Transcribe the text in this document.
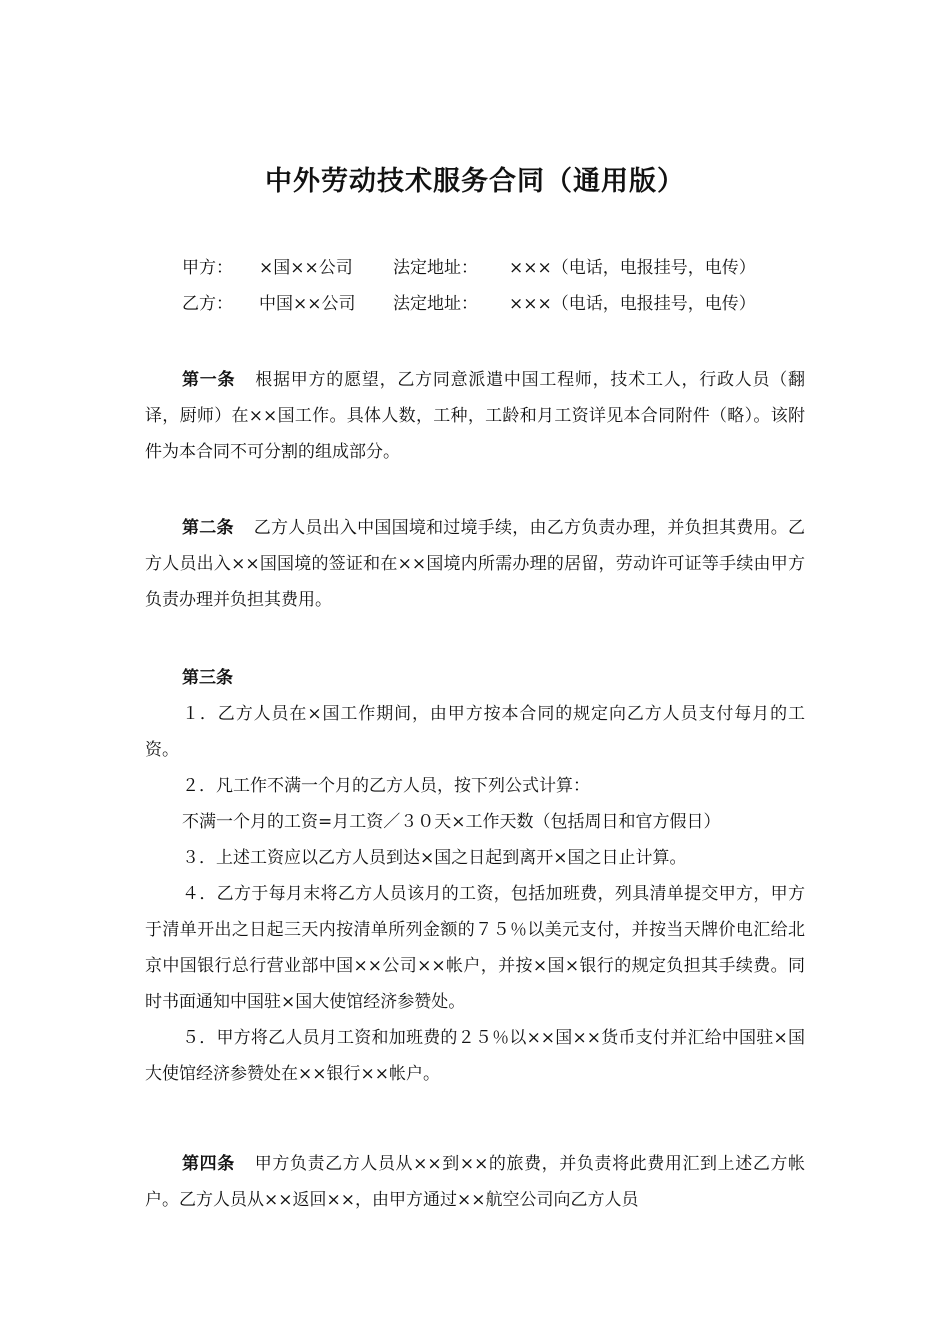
中外劳动技术服务合同（通用版）
甲方：	×国××公司	法定地址：	×××（电话，电报挂号，电传）
乙方：	中国××公司	法定地址：	×××（电话，电报挂号，电传）

第一条 根据甲方的愿望，乙方同意派遣中国工程师，技术工人，行政人员（翻译，厨师）在××国工作。具体人数，工种，工龄和月工资详见本合同附件（略）。该附件为本合同不可分割的组成部分。

第二条 乙方人员出入中国国境和过境手续，由乙方负责办理，并负担其费用。乙方人员出入××国国境的签证和在××国境内所需办理的居留，劳动许可证等手续由甲方负责办理并负担其费用。

第三条

１．乙方人员在×国工作期间，由甲方按本合同的规定向乙方人员支付每月的工资。

２．凡工作不满一个月的乙方人员，按下列公式计算：

不满一个月的工资=月工资／３０天×工作天数（包括周日和官方假日）

３．上述工资应以乙方人员到达×国之日起到离开×国之日止计算。

４．乙方于每月末将乙方人员该月的工资，包括加班费，列具清单提交甲方，甲方于清单开出之日起三天内按清单所列金额的７５％以美元支付，并按当天牌价电汇给北京中国银行总行营业部中国××公司××帐户，并按×国×银行的规定负担其手续费。同时书面通知中国驻×国大使馆经济参赞处。

５．甲方将乙人员月工资和加班费的２５％以××国××货币支付并汇给中国驻×国大使馆经济参赞处在××银行××帐户。

第四条 甲方负责乙方人员从××到××的旅费，并负责将此费用汇到上述乙方帐户。乙方人员从××返回××，由甲方通过××航空公司向乙方人员
